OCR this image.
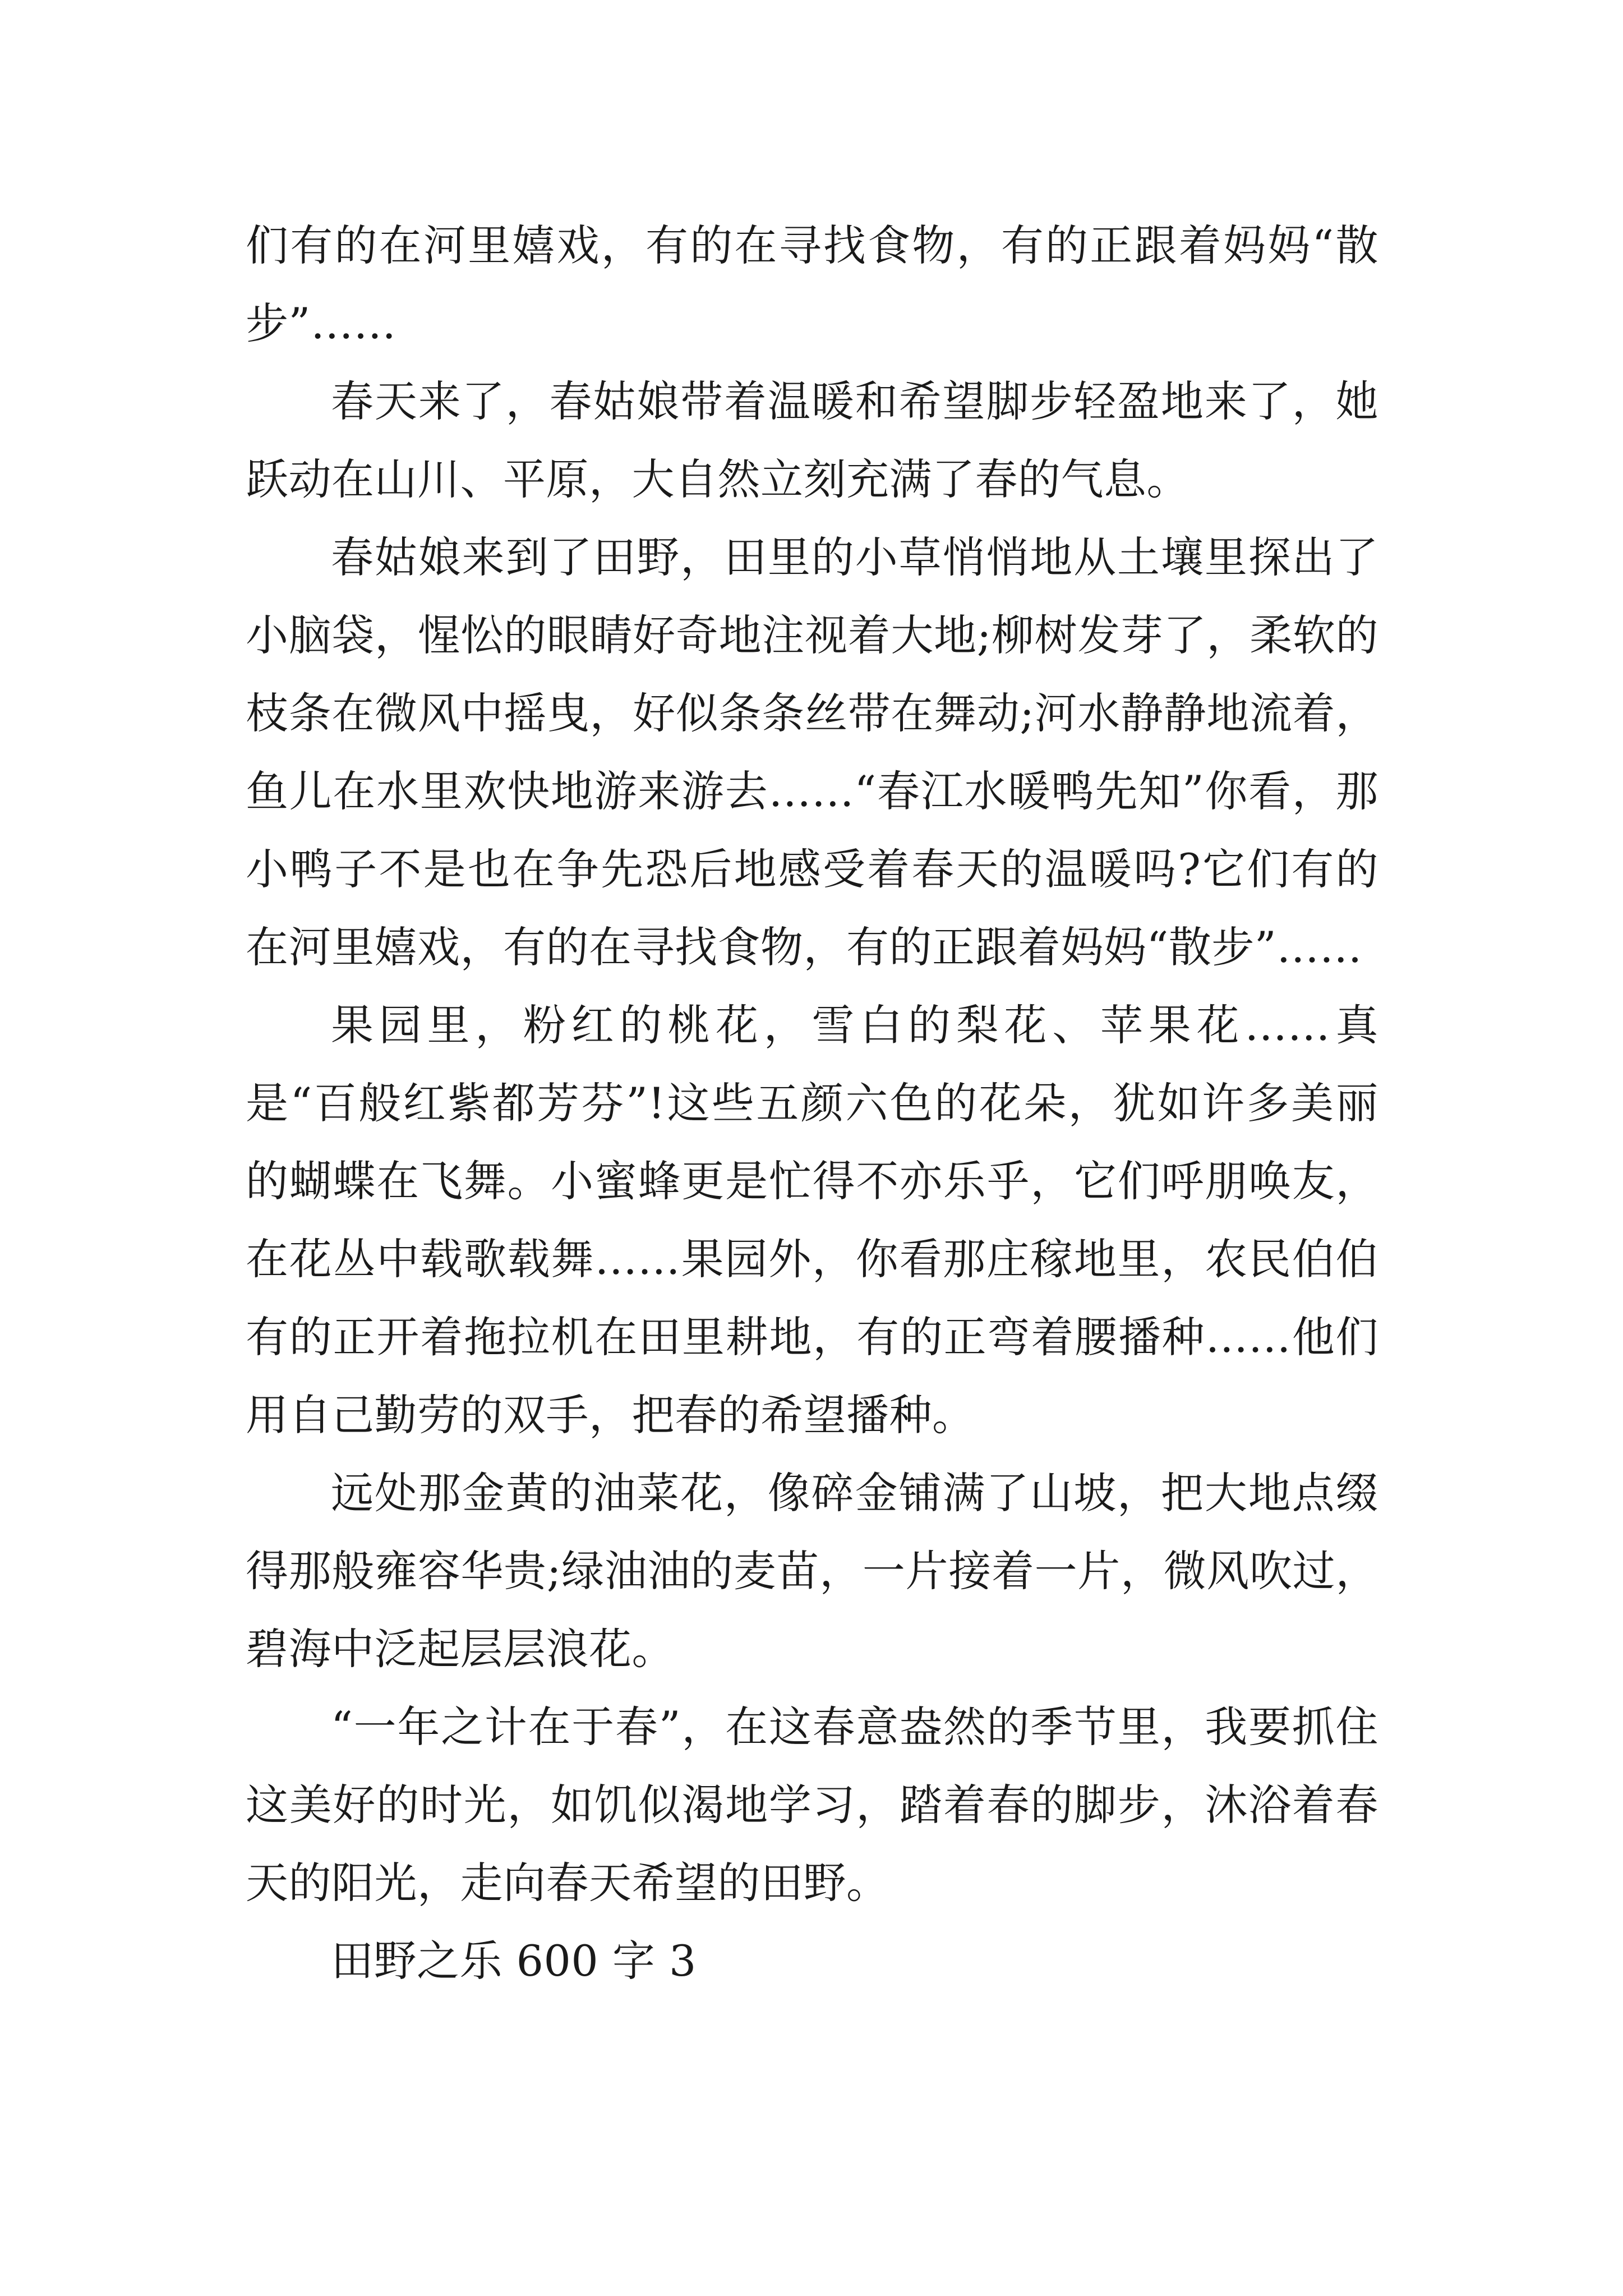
们有的在河里嬉戏，有的在寻找食物，有的正跟着妈妈“散步”……

春天来了，春姑娘带着温暖和希望脚步轻盈地来了，她跃动在山川、平原，大自然立刻充满了春的气息。

春姑娘来到了田野，田里的小草悄悄地从土壤里探出了小脑袋，惺忪的眼睛好奇地注视着大地;柳树发芽了，柔软的枝条在微风中摇曳，好似条条丝带在舞动;河水静静地流着，鱼儿在水里欢快地游来游去……“春江水暖鸭先知”你看，那小鸭子不是也在争先恐后地感受着春天的温暖吗?它们有的在河里嬉戏，有的在寻找食物，有的正跟着妈妈“散步”……

果园里，粉红的桃花，雪白的梨花、苹果花……真是“百般红紫都芳芬”!这些五颜六色的花朵，犹如许多美丽的蝴蝶在飞舞。小蜜蜂更是忙得不亦乐乎，它们呼朋唤友，在花丛中载歌载舞……果园外，你看那庄稼地里，农民伯伯有的正开着拖拉机在田里耕地，有的正弯着腰播种……他们用自己勤劳的双手，把春的希望播种。

远处那金黄的油菜花，像碎金铺满了山坡，把大地点缀得那般雍容华贵;绿油油的麦苗，一片接着一片，微风吹过，碧海中泛起层层浪花。

“一年之计在于春”，在这春意盎然的季节里，我要抓住这美好的时光，如饥似渴地学习，踏着春的脚步，沐浴着春天的阳光，走向春天希望的田野。

田野之乐 600 字 3
